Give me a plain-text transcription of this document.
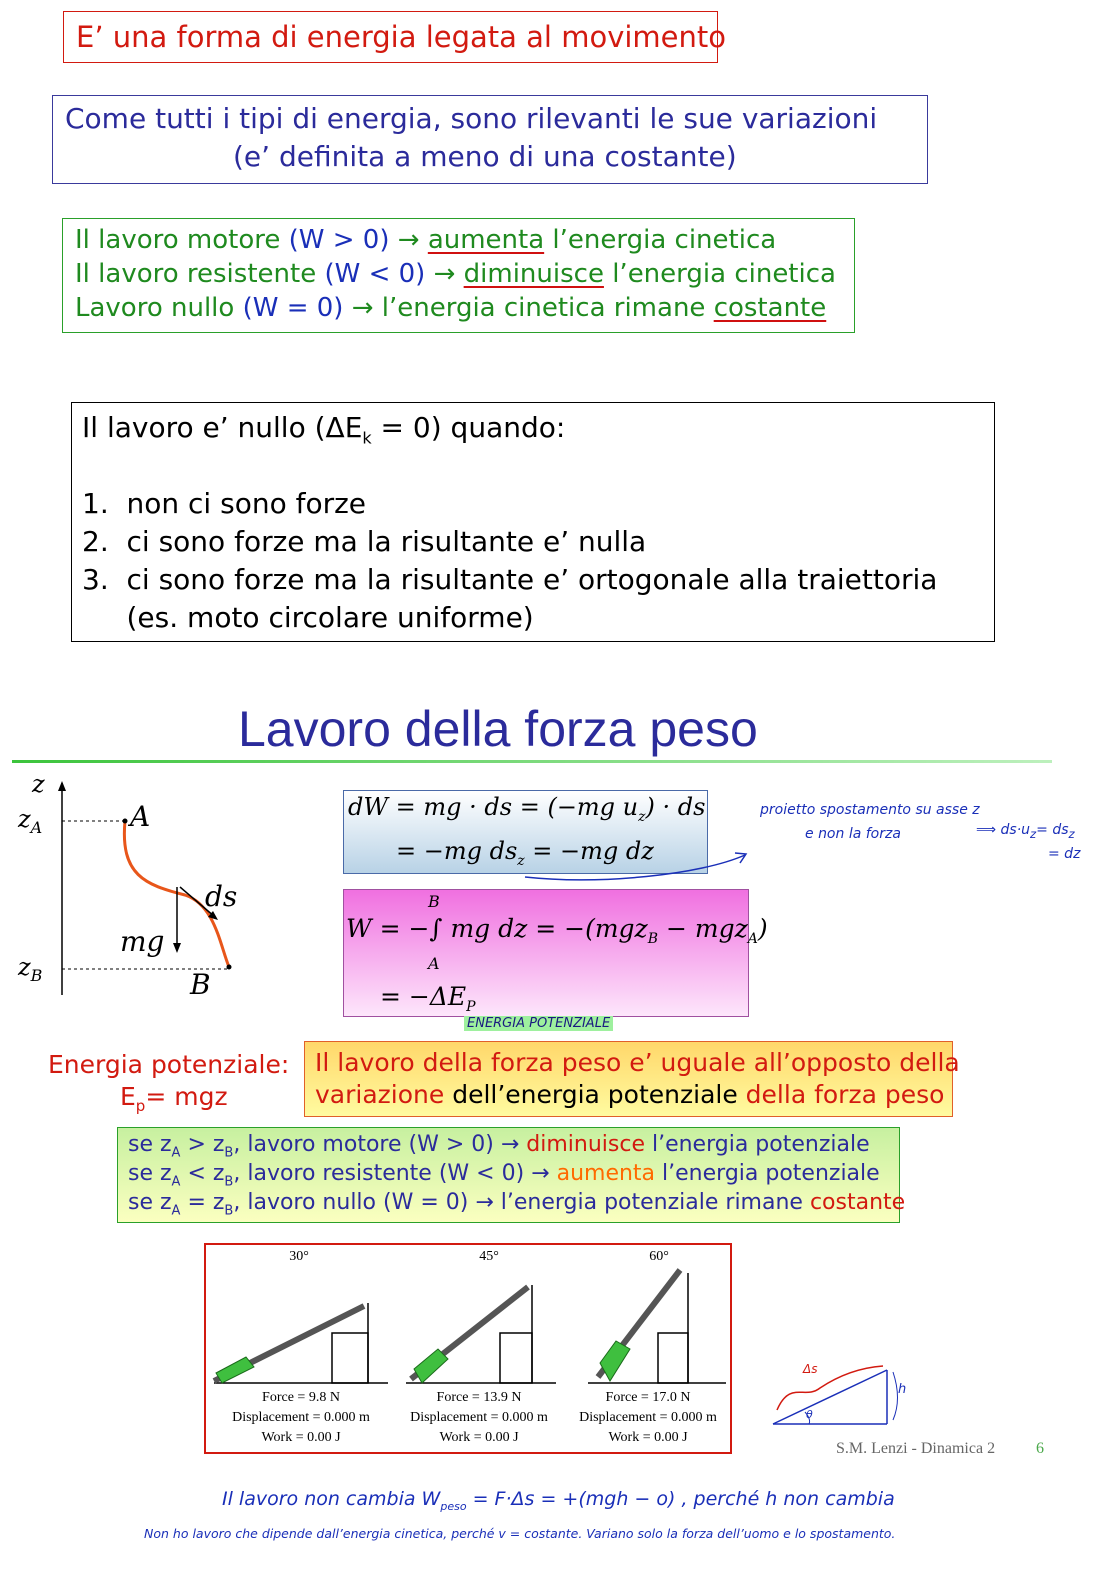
E’ una forma di energia legata al movimento
Come tutti i tipi di energia, sono rilevanti le sue variazioni
(e’ definita a meno di una costante)
Il lavoro motore (W > 0) → aumenta l’energia cinetica
Il lavoro resistente (W < 0) → diminuisce l’energia cinetica
Lavoro nullo (W = 0) → l’energia cinetica rimane costante
Il lavoro e’ nullo $(\Delta E_k = 0)$ quando:
1.  non ci sono forze
2.  ci sono forze ma la risultante e’ nulla
3.  ci sono forze ma la risultante e’ ortogonale alla traiettoria
(es. moto circolare uniforme)
Lavoro della forza peso
z
$z_A$
$z_B$
A
B
ds
mg
dW = mg · ds = (−mg $u_z$) · ds
= −mg $ds_z = -mg$ dz
proietto spostamento su asse z
e non la forza	⟹ $ds\cdot u_z= ds_z$
= dz
B
W = −∫ mg dz = −(mgz$_B$ − mgz$_A$)
A
= $-\Delta E_P$
ENERGIA POTENZIALE
Energia potenziale:
$E_p=$ mgz
Il lavoro della forza peso e’ uguale all’opposto della
variazione dell’energia potenziale della forza peso
se $z_A > z_B$, lavoro motore (W > 0) → diminuisce l’energia potenziale
se $z_A < z_B$, lavoro resistente (W < 0) → aumenta l’energia potenziale
se $z_A = z_B$, lavoro nullo (W = 0) → l’energia potenziale rimane costante
30°	45°	60°
Force = 9.8 N
Displacement = 0.000 m
Work = 0.00 J
Force = 13.9 N
Displacement = 0.000 m
Work = 0.00 J
Force = 17.0 N
Displacement = 0.000 m
Work = 0.00 J
Δs
h
θ
S.M. Lenzi - Dinamica 2	6
Il lavoro non cambia $W_{peso} = F\cdot\Delta s = +(mgh - o)$ , perché h non cambia
Non ho lavoro che dipende dall’energia cinetica, perché v = costante. Variano solo la forza dell’uomo e lo spostamento.
